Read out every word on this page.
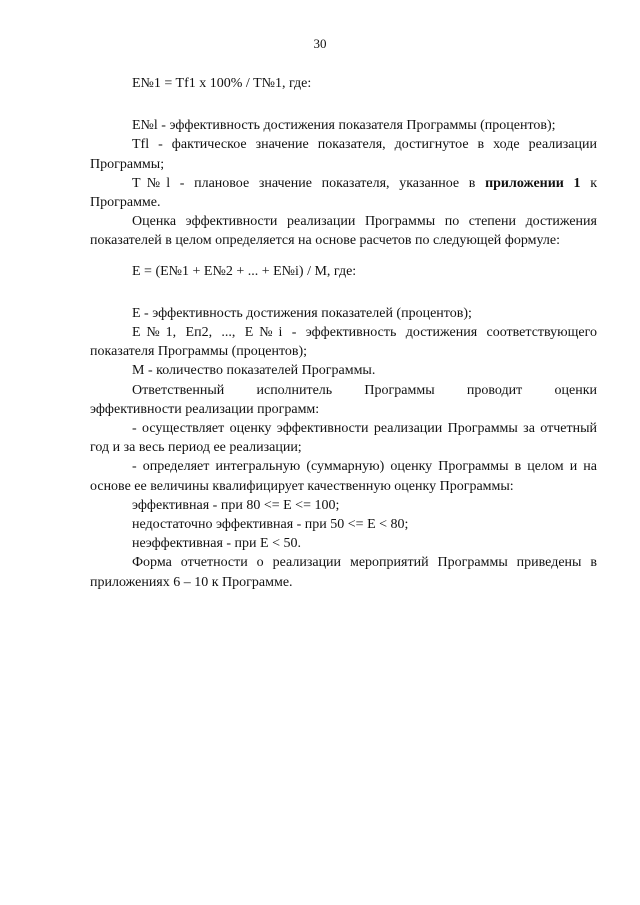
30

E№1 = Tf1 x 100% / T№1, где:

E№l - эффективность достижения показателя Программы (процентов);

Tfl - фактическое значение показателя, достигнутое в ходе реализации Программы;

T№l - плановое значение показателя, указанное в приложении 1 к Программе.

Оценка эффективности реализации Программы по степени достижения показателей в целом определяется на основе расчетов по следующей формуле:

E = (E№1 + E№2 + ... + E№i) / M, где:

E - эффективность достижения показателей (процентов);

E№1, Еп2, ..., E№i - эффективность достижения соответствующего показателя Программы (процентов);

M - количество показателей Программы.

Ответственный исполнитель Программы проводит оценки

эффективности реализации программ:

- осуществляет оценку эффективности реализации Программы за отчетный год и за весь период ее реализации;

- определяет интегральную (суммарную) оценку Программы в целом и на основе ее величины квалифицирует качественную оценку Программы:

эффективная - при 80 <= E <= 100;

недостаточно эффективная - при 50 <= E < 80;

неэффективная - при E < 50.

Форма отчетности о реализации мероприятий Программы приведены в приложениях 6 – 10 к Программе.
